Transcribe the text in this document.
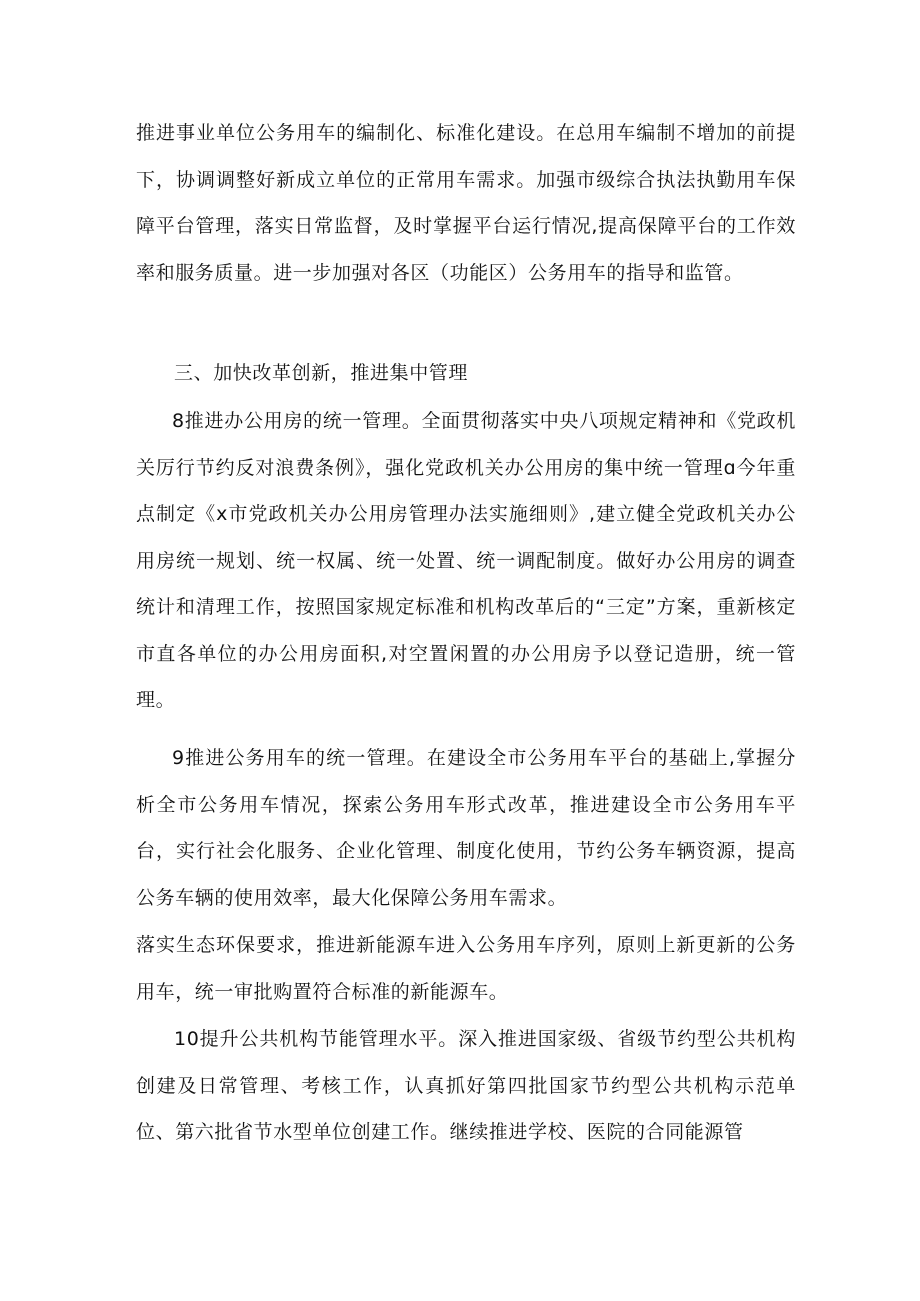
推进事业单位公务用车的编制化、标准化建设。在总用车编制不增加的前提下，协调调整好新成立单位的正常用车需求。加强市级综合执法执勤用车保障平台管理，落实日常监督，及时掌握平台运行情况,提高保障平台的工作效率和服务质量。进一步加强对各区（功能区）公务用车的指导和监管。

三、加快改革创新，推进集中管理

8推进办公用房的统一管理。全面贯彻落实中央八项规定精神和《党政机关厉行节约反对浪费条例》，强化党政机关办公用房的集中统一管理ɑ今年重点制定《x市党政机关办公用房管理办法实施细则》,建立健全党政机关办公用房统一规划、统一权属、统一处置、统一调配制度。做好办公用房的调查统计和清理工作，按照国家规定标准和机构改革后的“三定”方案，重新核定市直各单位的办公用房面积,对空置闲置的办公用房予以登记造册，统一管理。

9推进公务用车的统一管理。在建设全市公务用车平台的基础上,掌握分析全市公务用车情况，探索公务用车形式改革，推进建设全市公务用车平台，实行社会化服务、企业化管理、制度化使用，节约公务车辆资源，提高公务车辆的使用效率，最大化保障公务用车需求。

落实生态环保要求，推进新能源车进入公务用车序列，原则上新更新的公务用车，统一审批购置符合标准的新能源车。

10提升公共机构节能管理水平。深入推进国家级、省级节约型公共机构创建及日常管理、考核工作，认真抓好第四批国家节约型公共机构示范单位、第六批省节水型单位创建工作。继续推进学校、医院的合同能源管
